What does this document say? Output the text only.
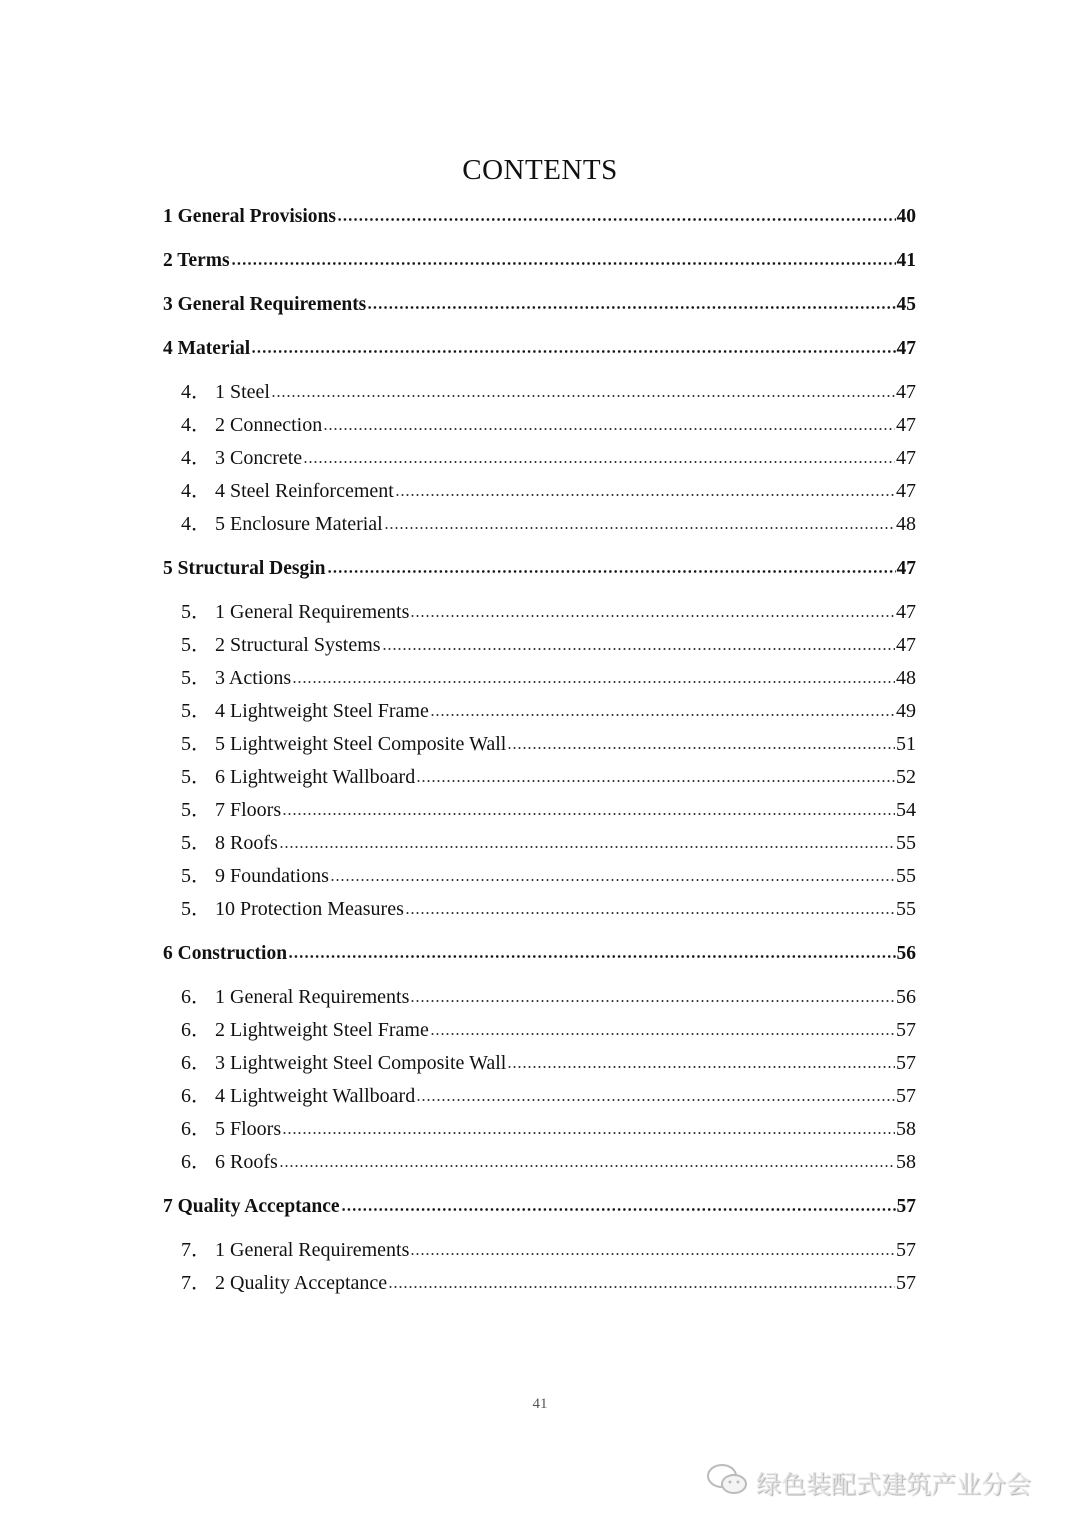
CONTENTS
1 General Provisions	40
2 Terms	41
3 General Requirements	45
4 Material	47
4． 1 Steel	47
4． 2 Connection	47
4． 3 Concrete	47
4． 4 Steel Reinforcement	47
4． 5 Enclosure Material	48
5 Structural Desgin	47
5． 1 General Requirements	47
5． 2 Structural Systems	47
5． 3 Actions	48
5． 4 Lightweight Steel Frame	49
5． 5 Lightweight Steel Composite Wall	51
5． 6 Lightweight Wallboard	52
5． 7 Floors	54
5． 8 Roofs	55
5． 9 Foundations	55
5． 10 Protection Measures	55
6 Construction	56
6． 1 General Requirements	56
6． 2 Lightweight Steel Frame	57
6． 3 Lightweight Steel Composite Wall	57
6． 4 Lightweight Wallboard	57
6． 5 Floors	58
6． 6 Roofs	58
7 Quality Acceptance	57
7． 1 General Requirements	57
7． 2 Quality Acceptance	57
41
绿色装配式建筑产业分会
